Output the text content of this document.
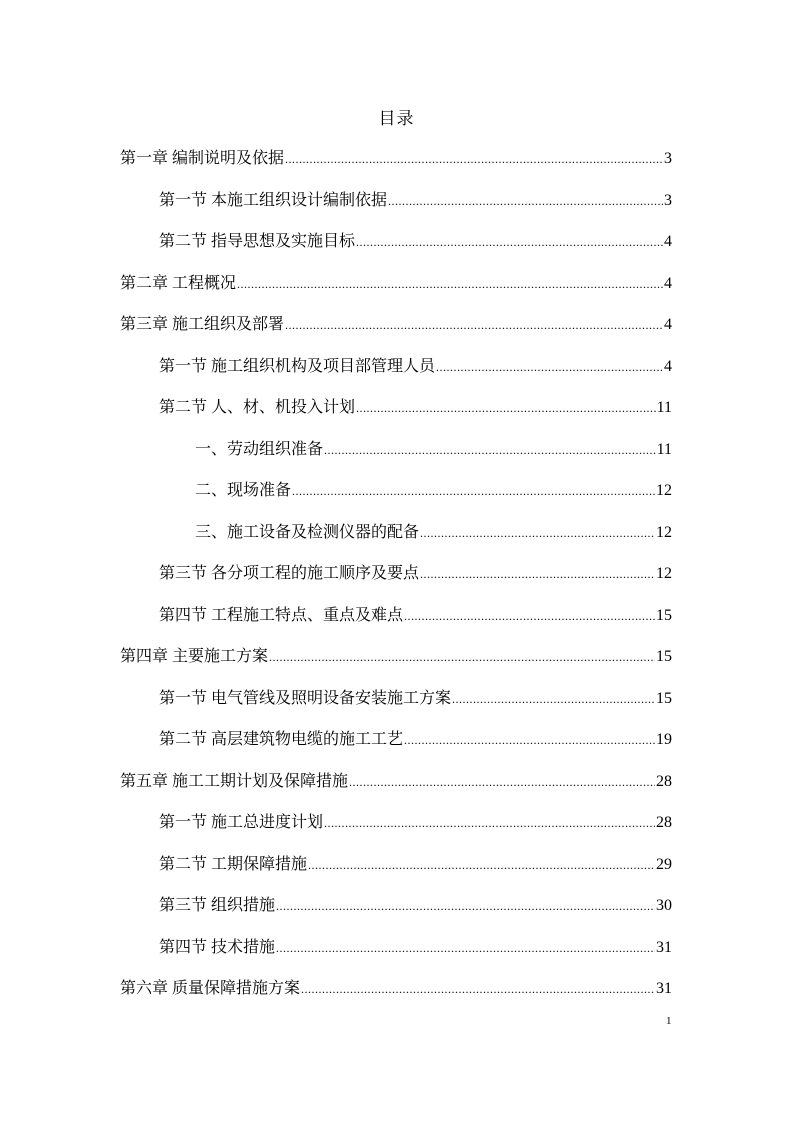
目录
第一章 编制说明及依据 .....	3
第一节 本施工组织设计编制依据 .....	3
第二节 指导思想及实施目标 .....	4
第二章 工程概况 .....	4
第三章 施工组织及部署 .....	4
第一节 施工组织机构及项目部管理人员 .....	4
第二节 人、材、机投入计划 .....	11
一、劳动组织准备 .....	11
二、现场准备 .....	12
三、施工设备及检测仪器的配备 .....	12
第三节 各分项工程的施工顺序及要点 .....	12
第四节 工程施工特点、重点及难点 .....	15
第四章 主要施工方案 .....	15
第一节 电气管线及照明设备安装施工方案 .....	15
第二节 高层建筑物电缆的施工工艺 .....	19
第五章 施工工期计划及保障措施 .....	28
第一节 施工总进度计划 .....	28
第二节 工期保障措施 .....	29
第三节 组织措施 .....	30
第四节 技术措施 .....	31
第六章 质量保障措施方案 .....	31
1
